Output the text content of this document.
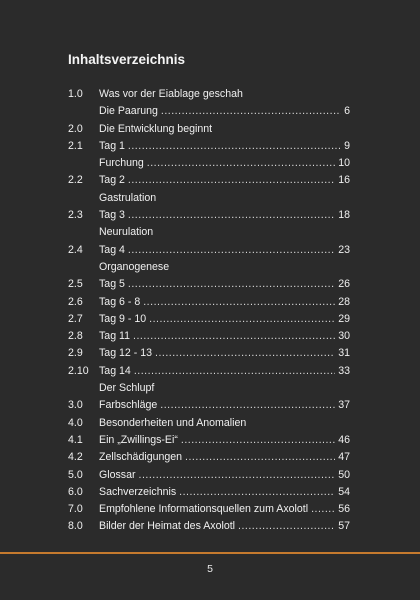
Inhaltsverzeichnis
1.0 Was vor der Eiablage geschah
Die Paarung .....	6
2.0 Die Entwicklung beginnt
2.1 Tag 1 .....	9
Furchung .....	10
2.2 Tag 2 .....	16
Gastrulation
2.3 Tag 3 .....	18
Neurulation
2.4 Tag 4 .....	23
Organogenese
2.5 Tag 5 .....	26
2.6 Tag 6 - 8 .....	28
2.7 Tag 9 - 10 .....	29
2.8 Tag 11 .....	30
2.9 Tag 12 - 13 .....	31
2.10 Tag 14 .....	33
Der Schlupf
3.0 Farbschläge .....	37
4.0 Besonderheiten und Anomalien
4.1 Ein „Zwillings-Ei“ .....	46
4.2 Zellschädigungen .....	47
5.0 Glossar .....	50
6.0 Sachverzeichnis .....	54
7.0 Empfohlene Informationsquellen zum Axolotl .....	56
8.0 Bilder der Heimat des Axolotl .....	57
5
